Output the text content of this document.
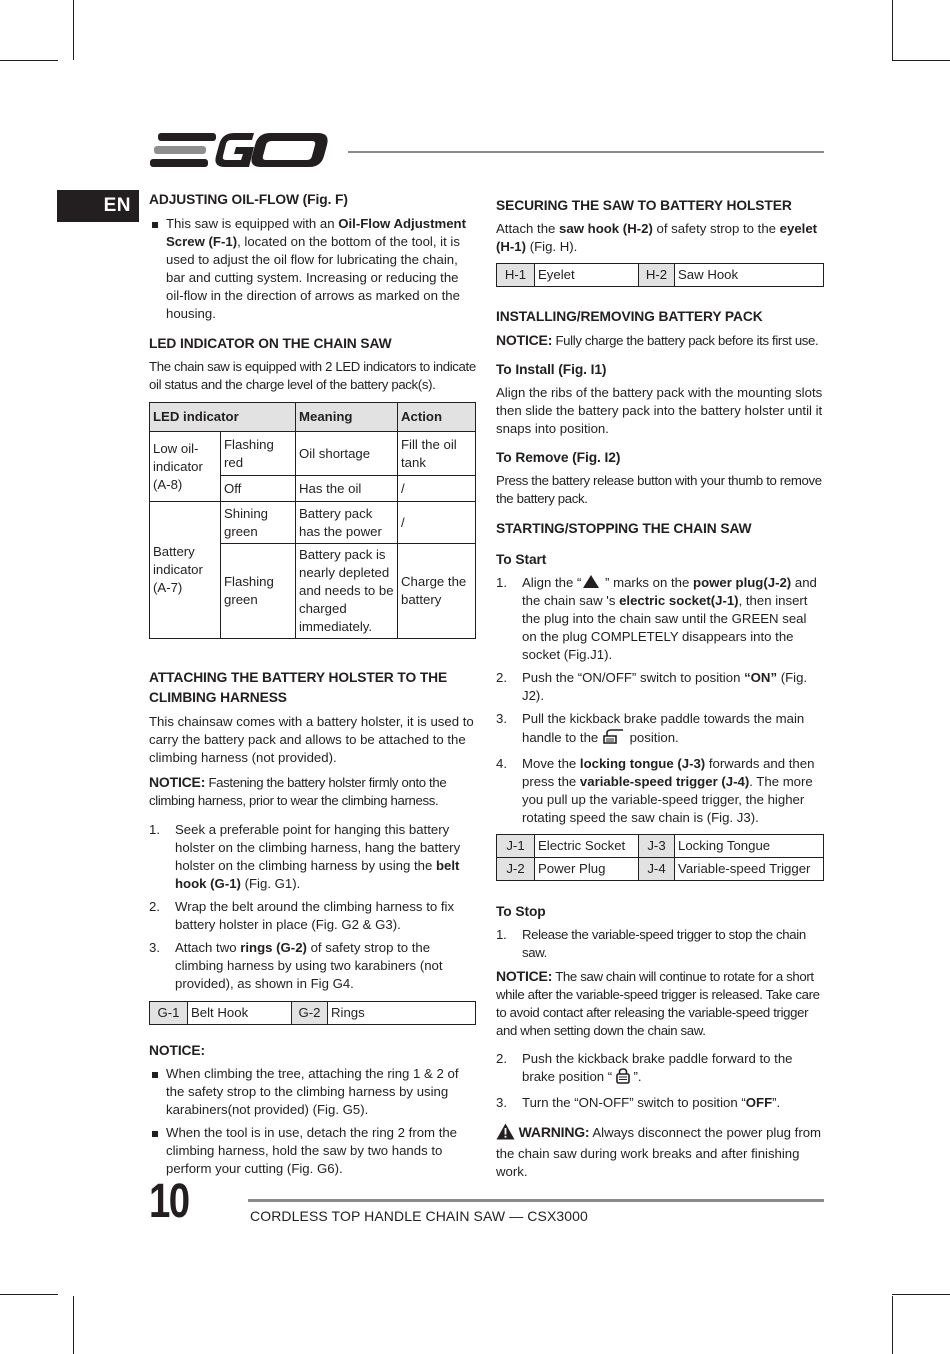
EN	ADJUSTING OIL-FLOW (Fig. F)
This saw is equipped with an Oil-Flow Adjustment Screw (F-1), located on the bottom of the tool, it is used to adjust the oil flow for lubricating the chain, bar and cutting system. Increasing or reducing the oil-flow in the direction of arrows as marked on the housing.
LED INDICATOR ON THE CHAIN SAW

The chain saw is equipped with 2 LED indicators to indicate oil status and the charge level of the battery pack(s).

LED indicator		Meaning	Action
Low oil-indicator (A-8)	Flashing red	Oil shortage	Fill the oil tank
	Off	Has the oil	/
Battery indicator (A-7)	Shining green	Battery pack has the power	/
	Flashing green	Battery pack is nearly depleted and needs to be charged immediately.	Charge the battery
ATTACHING THE BATTERY HOLSTER TO THE CLIMBING HARNESS

This chainsaw comes with a battery holster, it is used to carry the battery pack and allows to be attached to the climbing harness (not provided).

NOTICE: Fastening the battery holster firmly onto the climbing harness, prior to wear the climbing harness.

1. Seek a preferable point for hanging this battery holster on the climbing harness, hang the battery holster on the climbing harness by using the belt hook (G-1) (Fig. G1).
2. Wrap the belt around the climbing harness to fix battery holster in place (Fig. G2 & G3).
3. Attach two rings (G-2) of safety strop to the climbing harness by using two karabiners (not provided), as shown in Fig G4.
G-1	Belt Hook	G-2	Rings
NOTICE:
When climbing the tree, attaching the ring 1 & 2 of the safety strop to the climbing harness by using karabiners(not provided) (Fig. G5).
When the tool is in use, detach the ring 2 from the climbing harness, hold the saw by two hands to perform your cutting (Fig. G6).
SECURING THE SAW TO BATTERY HOLSTER

Attach the saw hook (H-2) of safety strop to the eyelet (H-1) (Fig. H).

H-1	Eyelet	H-2	Saw Hook
INSTALLING/REMOVING BATTERY PACK

NOTICE: Fully charge the battery pack before its first use.

To Install (Fig. I1)

Align the ribs of the battery pack with the mounting slots then slide the battery pack into the battery holster until it snaps into position.

To Remove (Fig. I2)

Press the battery release button with your thumb to remove the battery pack.

STARTING/STOPPING THE CHAIN SAW
To Start
1. Align the “ ” marks on the power plug(J-2) and the chain saw 's electric socket(J-1), then insert the plug into the chain saw until the GREEN seal on the plug COMPLETELY disappears into the socket (Fig.J1).
2. Push the “ON/OFF” switch to position “ON” (Fig. J2).
3. Pull the kickback brake paddle towards the main handle to the  position.
4. Move the locking tongue (J-3) forwards and then press the variable-speed trigger (J-4). The more you pull up the variable-speed trigger, the higher rotating speed the saw chain is (Fig. J3).
J-1	Electric Socket	J-3	Locking Tongue
J-2	Power Plug	J-4	Variable-speed Trigger
To Stop
1. Release the variable-speed trigger to stop the chain saw.

NOTICE: The saw chain will continue to rotate for a short while after the variable-speed trigger is released. Take care to avoid contact after releasing the variable-speed trigger and when setting down the chain saw.

2. Push the kickback brake paddle forward to the brake position “  ”.
3. Turn the “ON-OFF” switch to position “OFF”.

WARNING: Always disconnect the power plug from the chain saw during work breaks and after finishing work.

10	CORDLESS TOP HANDLE CHAIN SAW — CSX3000
